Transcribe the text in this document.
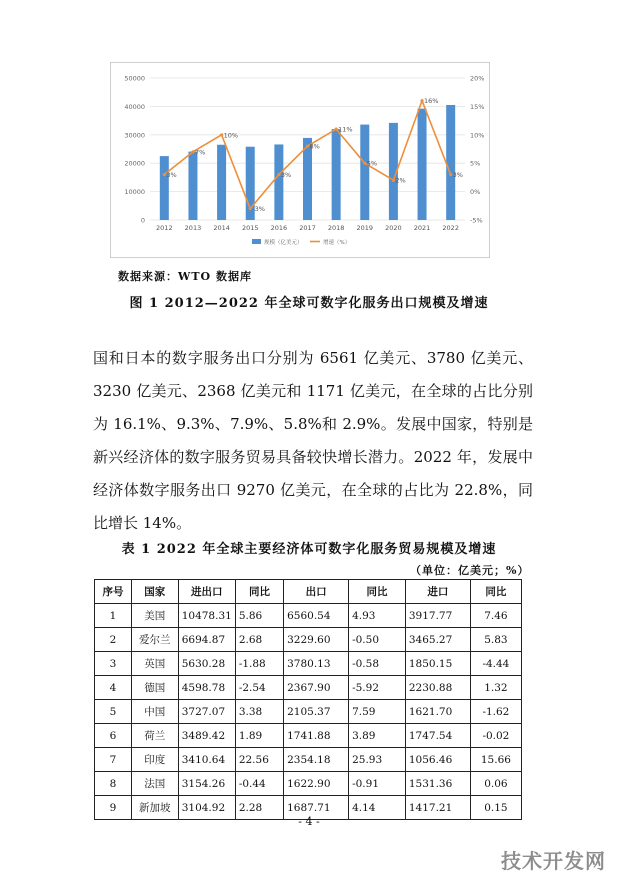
0
10000
20000
30000
40000
50000
-5%
0%
5%
10%
15%
20%
2012 2013 2014 2015 2016 2017 2018 2019 2020 2021 2022
3%
7%
10%
-3%
3%
8%
11%
5%
2%
16%
3%
规模（亿美元）	增速（%）
数据来源：WTO 数据库
图 1 2012—2022 年全球可数字化服务出口规模及增速
国和日本的数字服务出口分别为 6561 亿美元、3780 亿美元、3230 亿美元、2368 亿美元和 1171 亿美元，在全球的占比分别为 16.1%、9.3%、7.9%、5.8%和 2.9%。发展中国家，特别是新兴经济体的数字服务贸易具备较快增长潜力。2022 年，发展中经济体数字服务出口 9270 亿美元，在全球的占比为 22.8%，同比增长 14%。
表 1 2022 年全球主要经济体可数字化服务贸易规模及增速
（单位：亿美元；%）
序号	国家	进出口	同比	出口	同比	进口	同比
1	美国	10478.31	5.86	6560.54	4.93	3917.77	7.46
2	爱尔兰	6694.87	2.68	3229.60	-0.50	3465.27	5.83
3	英国	5630.28	-1.88	3780.13	-0.58	1850.15	-4.44
4	德国	4598.78	-2.54	2367.90	-5.92	2230.88	1.32
5	中国	3727.07	3.38	2105.37	7.59	1621.70	-1.62
6	荷兰	3489.42	1.89	1741.88	3.89	1747.54	-0.02
7	印度	3410.64	22.56	2354.18	25.93	1056.46	15.66
8	法国	3154.26	-0.44	1622.90	-0.91	1531.36	0.06
9	新加坡	3104.92	2.28	1687.71	4.14	1417.21	0.15
- 4 -
技术开发网
